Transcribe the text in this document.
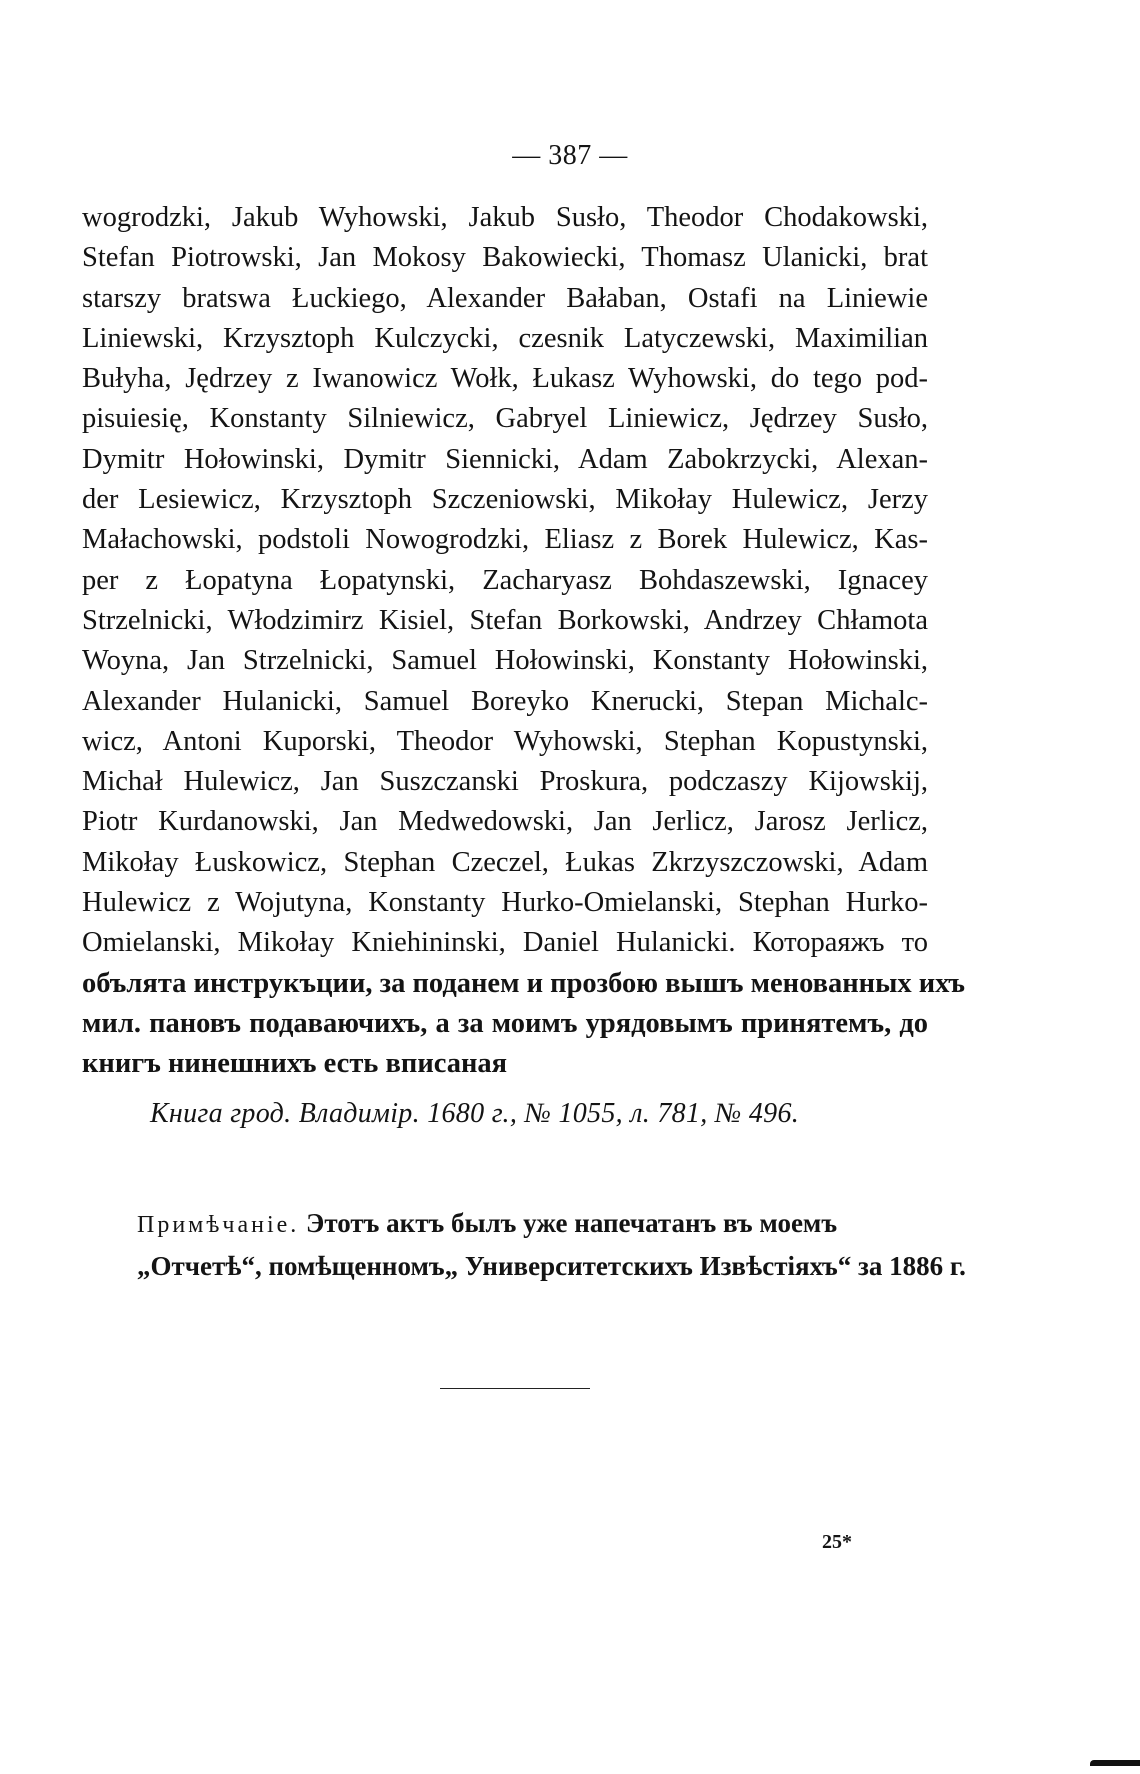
— 387 —
wogrodzki, Jakub Wyhowski, Jakub Susło, Theodor Chodakowski,
Stefan Piotrowski, Jan Mokosy Bakowiecki, Thomasz Ulanicki, brat
starszy bratswa Łuckiego, Alexander Bałaban, Ostafi na Liniewie
Liniewski, Krzysztoph Kulczycki, czesnik Latyczewski, Maximilian
Bułyha, Jędrzey z Iwanowicz Wołk, Łukasz Wyhowski, do tego pod-
pisuiesię, Konstanty Silniewicz, Gabryel Liniewicz, Jędrzey Susło,
Dymitr Hołowinski, Dymitr Siennicki, Adam Zabokrzycki, Alexan-
der Lesiewicz, Krzysztoph Szczeniowski, Mikołay Hulewicz, Jerzy
Małachowski, podstoli Nowogrodzki, Eliasz z Borek Hulewicz, Kas-
per z Łopatyna Łopatynski, Zacharyasz Bohdaszewski, Ignacey
Strzelnicki, Włodzimirz Kisiel, Stefan Borkowski, Andrzey Chłamota
Woyna, Jan Strzelnicki, Samuel Hołowinski, Konstanty Hołowinski,
Alexander Hulanicki, Samuel Boreyko Knerucki, Stepan Michalc-
wicz, Antoni Kuporski, Theodor Wyhowski, Stephan Kopustynski,
Michał Hulewicz, Jan Suszczanski Proskura, podczaszy Kijowskij,
Piotr Kurdanowski, Jan Medwedowski, Jan Jerlicz, Jarosz Jerlicz,
Mikołay Łuskowicz, Stephan Czeczel, Łukas Zkrzyszczowski, Adam
Hulewicz z Wojutyna, Konstanty Hurko-Omielanski, Stephan Hurko-
Omielanski, Mikołay Kniehininski, Daniel Hulanicki. Котораяжъ то
обълята инструкъции, за поданем и прозбою вышъ менованных ихъ
мил. пановъ подаваючихъ, а за моимъ урядовымъ принятемъ, до
книгъ нинешнихъ есть вписаная
Книга грод. Владимір. 1680 г., № 1055, л. 781, № 496.
Примѣчаніе. Этотъ актъ былъ уже напечатанъ въ моемъ
„Отчетѣ“, помѣщенномъ„ Университетскихъ Извѣстіяхъ“ за 1886 г.
25*
